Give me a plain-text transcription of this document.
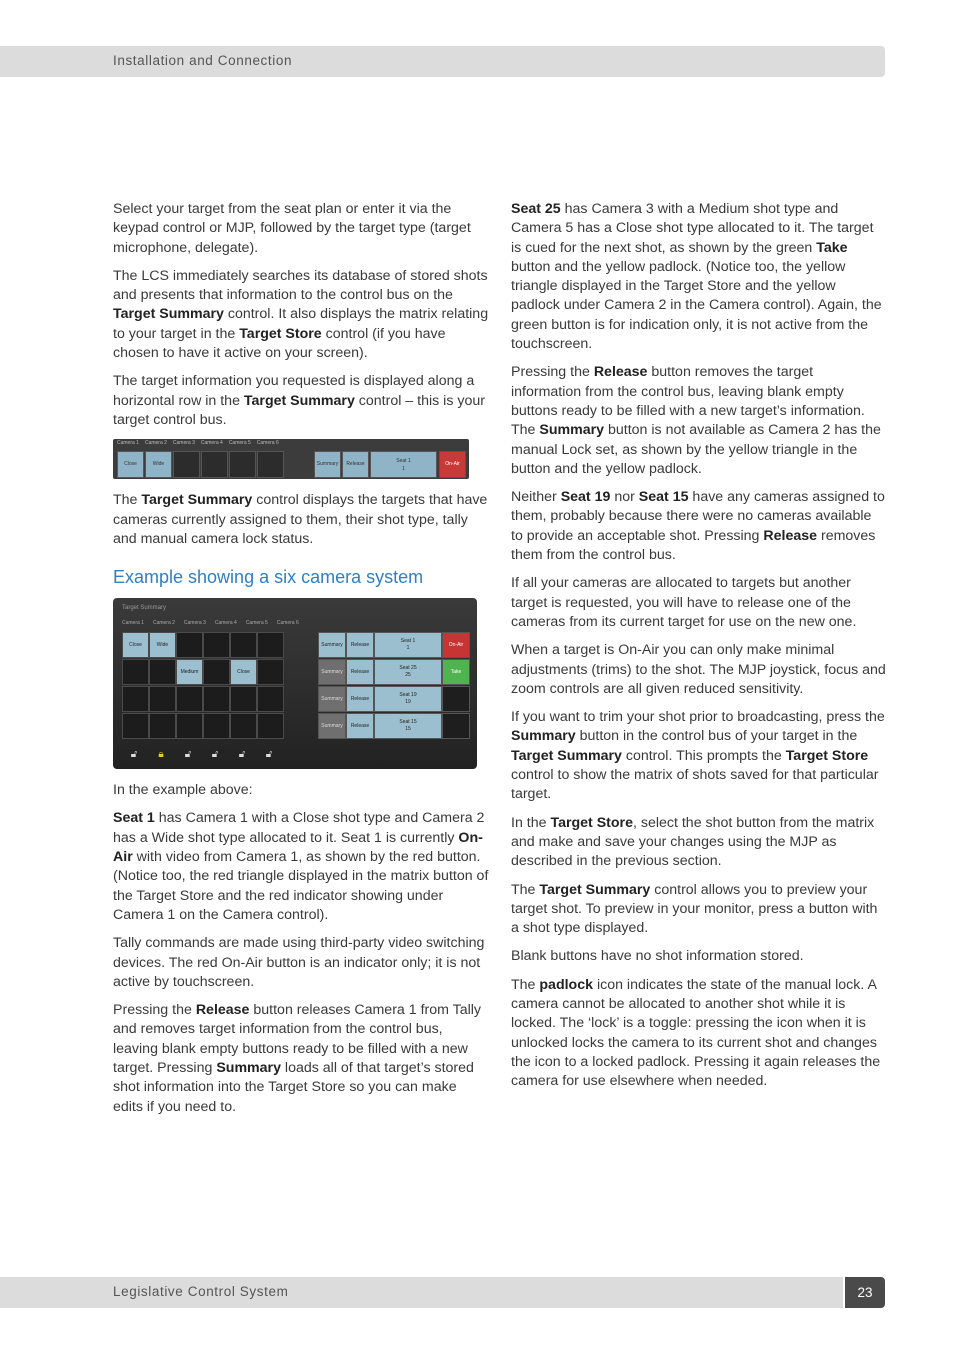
Installation and Connection

Select your target from the seat plan or enter it via the keypad control or MJP, followed by the target type (target microphone, delegate).

The LCS immediately searches its database of stored shots and presents that information to the control bus on the Target Summary control. It also displays the matrix relating to your target in the Target Store control (if you have chosen to have it active on your screen).

The target information you requested is displayed along a horizontal row in the Target Summary control – this is your target control bus.

Camera 1 Camera 2 Camera 3 Camera 4 Camera 5 Camera 6
Close	Wide	Summary	Release	Seat 1
1
On-Air

The Target Summary control displays the targets that have cameras currently assigned to them, their shot type, tally and manual camera lock status.

Example showing a six camera system
Target Summary
Camera 1 Camera 2 Camera 3 Camera 4 Camera 5 Camera 6
Close	Wide
Medium	Close
Summary	Release
Seat 1
1	On-Air
Summary	Release
Seat 25
25	Take
Summary	Release
Seat 19
19
Summary	Release
Seat 15
15
🔓︎ 🔒︎ 🔓︎ 🔓︎ 🔓︎ 🔓︎

In the example above:

Seat 1 has Camera 1 with a Close shot type and Camera 2 has a Wide shot type allocated to it. Seat 1 is currently On-Air with video from Camera 1, as shown by the red button. (Notice too, the red triangle displayed in the matrix button of the Target Store and the red indicator showing under Camera 1 on the Camera control).

Tally commands are made using third-party video switching devices. The red On-Air button is an indicator only; it is not active by touchscreen.

Pressing the Release button releases Camera 1 from Tally and removes target information from the control bus, leaving blank empty buttons ready to be filled with a new target. Pressing Summary loads all of that target’s stored shot information into the Target Store so you can make edits if you need to.

Seat 25 has Camera 3 with a Medium shot type and Camera 5 has a Close shot type allocated to it. The target is cued for the next shot, as shown by the green Take button and the yellow padlock. (Notice too, the yellow triangle displayed in the Target Store and the yellow padlock under Camera 2 in the Camera control). Again, the green button is for indication only, it is not active from the touchscreen.

Pressing the Release button removes the target information from the control bus, leaving blank empty buttons ready to be filled with a new target’s information. The Summary button is not available as Camera 2 has the manual Lock set, as shown by the yellow triangle in the button and the yellow padlock.

Neither Seat 19 nor Seat 15 have any cameras assigned to them, probably because there were no cameras available to provide an acceptable shot. Pressing Release removes them from the control bus.

If all your cameras are allocated to targets but another target is requested, you will have to release one of the cameras from its current target for use on the new one.

When a target is On-Air you can only make minimal adjustments (trims) to the shot. The MJP joystick, focus and zoom controls are all given reduced sensitivity.

If you want to trim your shot prior to broadcasting, press the Summary button in the control bus of your target in the Target Summary control. This prompts the Target Store control to show the matrix of shots saved for that particular target.

In the Target Store, select the shot button from the matrix and make and save your changes using the MJP as described in the previous section.

The Target Summary control allows you to preview your target shot. To preview in your monitor, press a button with a shot type displayed.

Blank buttons have no shot information stored.

The padlock icon indicates the state of the manual lock. A camera cannot be allocated to another shot while it is locked. The ‘lock’ is a toggle: pressing the icon when it is unlocked locks the camera to its current shot and changes the icon to a locked padlock. Pressing it again releases the camera for use elsewhere when needed.

Legislative Control System	23
